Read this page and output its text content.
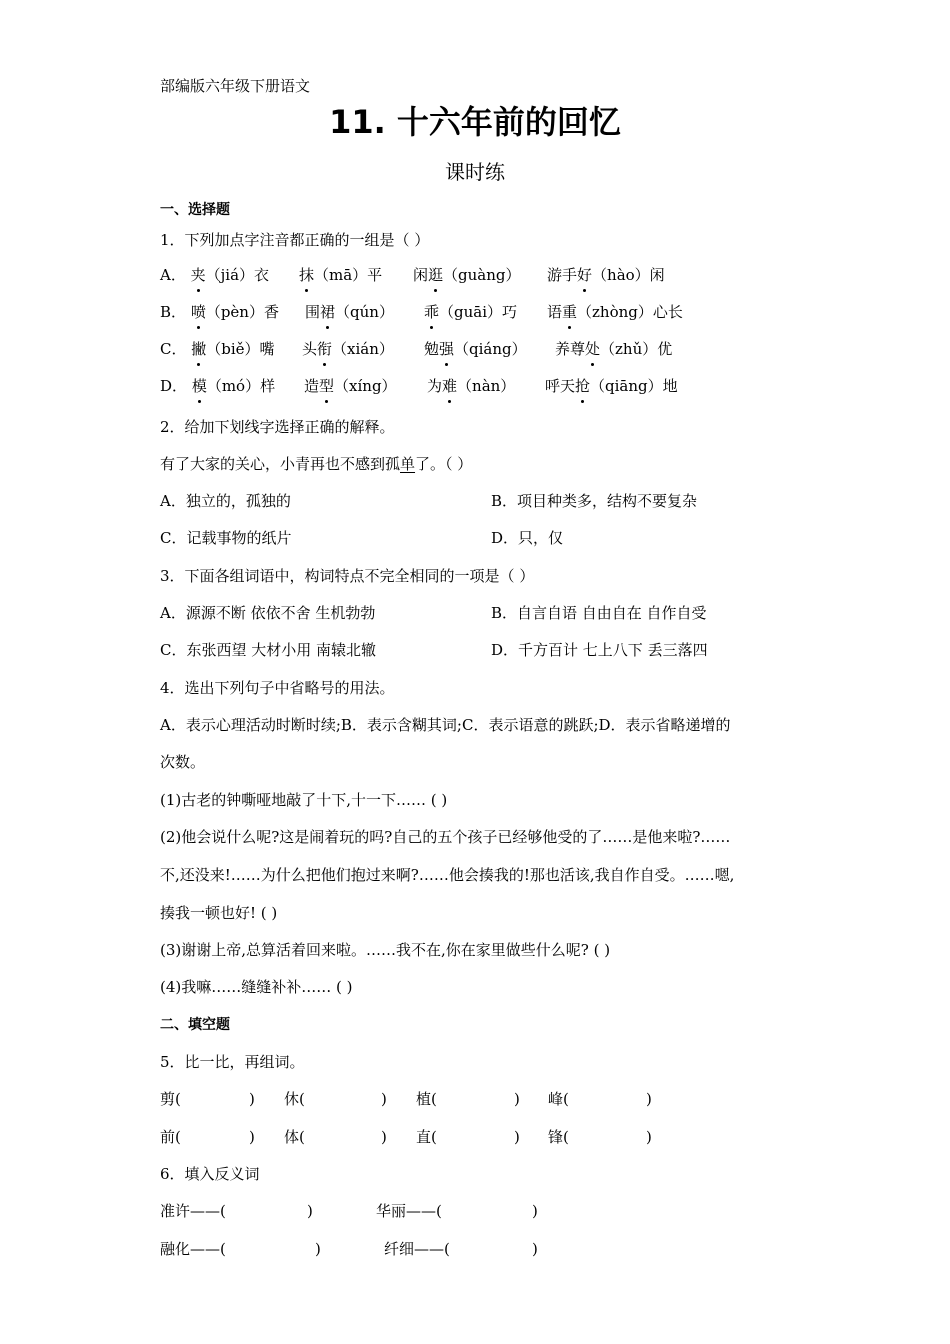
部编版六年级下册语文
11. 十六年前的回忆
课时练
一、选择题
1．下列加点字注音都正确的一组是（ ）
A． 夹（jiá）衣 抹（mā）平 闲逛（guàng） 游手好（hào）闲
B． 喷（pèn）香 围裙（qún） 乖（guāi）巧 语重（zhòng）心长
C． 撇（biě）嘴 头衔（xián） 勉强（qiáng） 养尊处（zhǔ）优
D． 模（mó）样 造型（xíng） 为难（nàn） 呼天抢（qiāng）地
2．给加下划线字选择正确的解释。
有了大家的关心，小青再也不感到孤单了。（ ）
A．独立的，孤独的	B．项目种类多，结构不要复杂
C．记载事物的纸片	D．只，仅
3．下面各组词语中，构词特点不完全相同的一项是（ ）
A．源源不断 依依不舍 生机勃勃	B．自言自语 自由自在 自作自受
C．东张西望 大材小用 南辕北辙	D．千方百计 七上八下 丢三落四
4．选出下列句子中省略号的用法。
A．表示心理活动时断时续;B．表示含糊其词;C．表示语意的跳跃;D．表示省略递增的
次数。
(1)古老的钟嘶哑地敲了十下,十一下…… ( )
(2)他会说什么呢?这是闹着玩的吗?自己的五个孩子已经够他受的了……是他来啦?……
不,还没来!……为什么把他们抱过来啊?……他会揍我的!那也活该,我自作自受。……嗯,
揍我一顿也好! ( )
(3)谢谢上帝,总算活着回来啦。……我不在,你在家里做些什么呢? ( )
(4)我嘛……缝缝补补…… ( )
二、填空题
5．比一比，再组词。
剪(	) 休(	) 植(	) 峰(	)
前(	) 体(	) 直(	) 锋(	)
6．填入反义词
准许——(	)	华丽——(	)
融化——(	)	纤细——(	)
